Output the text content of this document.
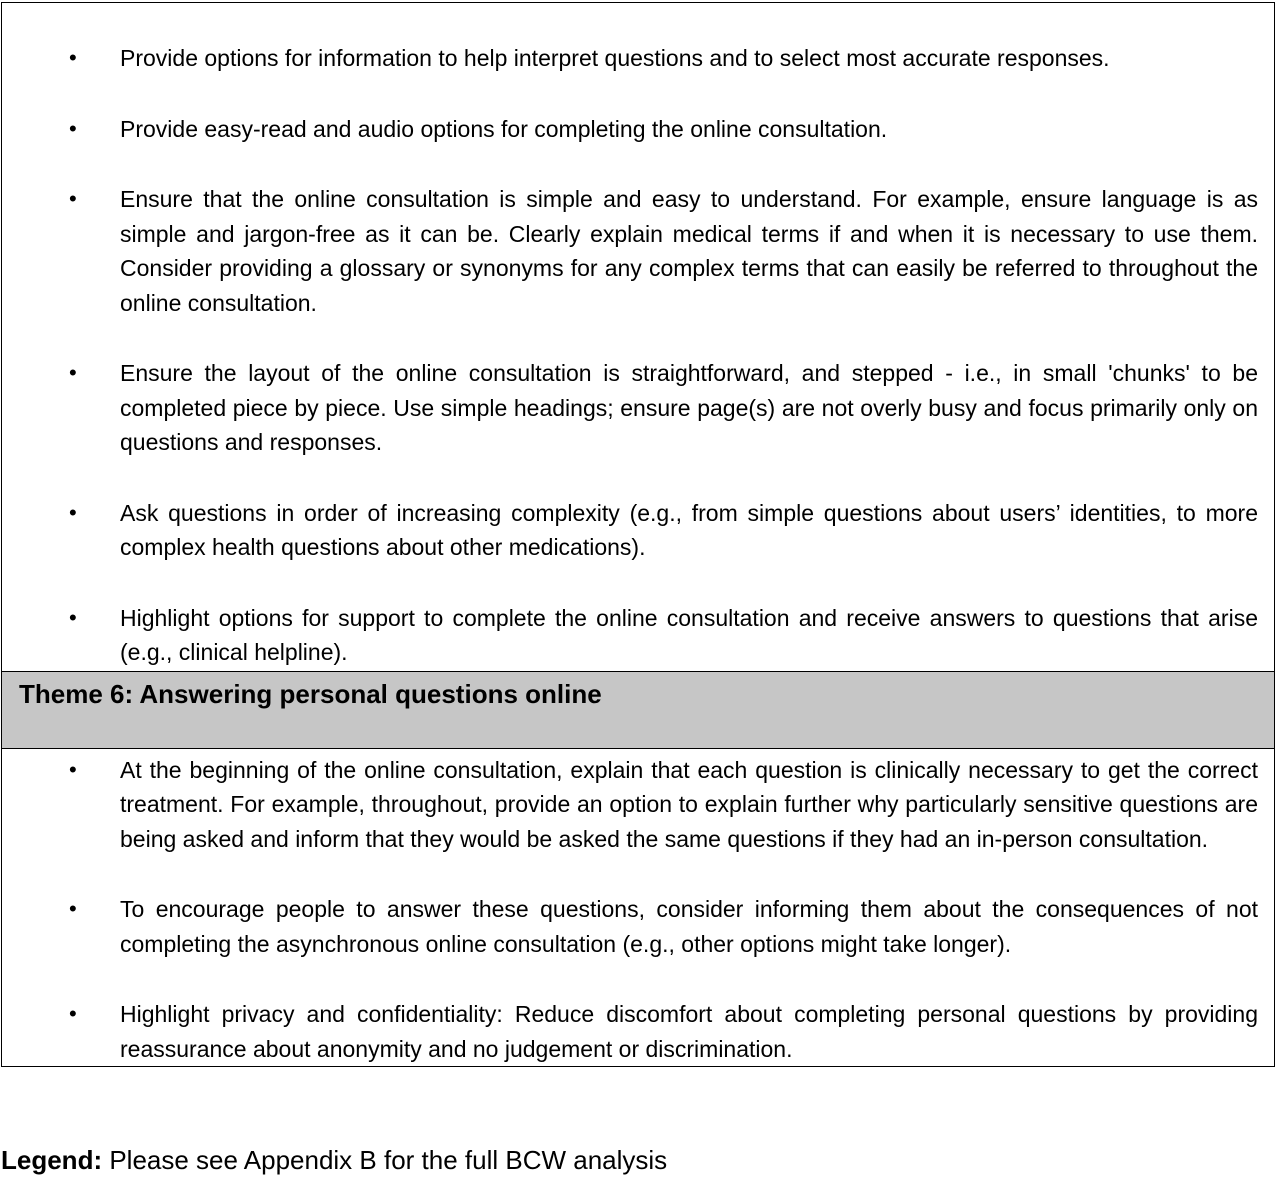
• Provide options for information to help interpret questions and to select most accurate responses.
• Provide easy-read and audio options for completing the online consultation.
• Ensure that the online consultation is simple and easy to understand. For example, ensure language is as simple and jargon-free as it can be. Clearly explain medical terms if and when it is necessary to use them. Consider providing a glossary or synonyms for any complex terms that can easily be referred to throughout the online consultation.
• Ensure the layout of the online consultation is straightforward, and stepped - i.e., in small 'chunks' to be completed piece by piece. Use simple headings; ensure page(s) are not overly busy and focus primarily only on questions and responses.
• Ask questions in order of increasing complexity (e.g., from simple questions about users’ identities, to more complex health questions about other medications).
• Highlight options for support to complete the online consultation and receive answers to questions that arise (e.g., clinical helpline).
Theme 6: Answering personal questions online
• At the beginning of the online consultation, explain that each question is clinically necessary to get the correct treatment. For example, throughout, provide an option to explain further why particularly sensitive questions are being asked and inform that they would be asked the same questions if they had an in-person consultation.
• To encourage people to answer these questions, consider informing them about the consequences of not completing the asynchronous online consultation (e.g., other options might take longer).
• Highlight privacy and confidentiality: Reduce discomfort about completing personal questions by providing reassurance about anonymity and no judgement or discrimination.
Legend: Please see Appendix B for the full BCW analysis
